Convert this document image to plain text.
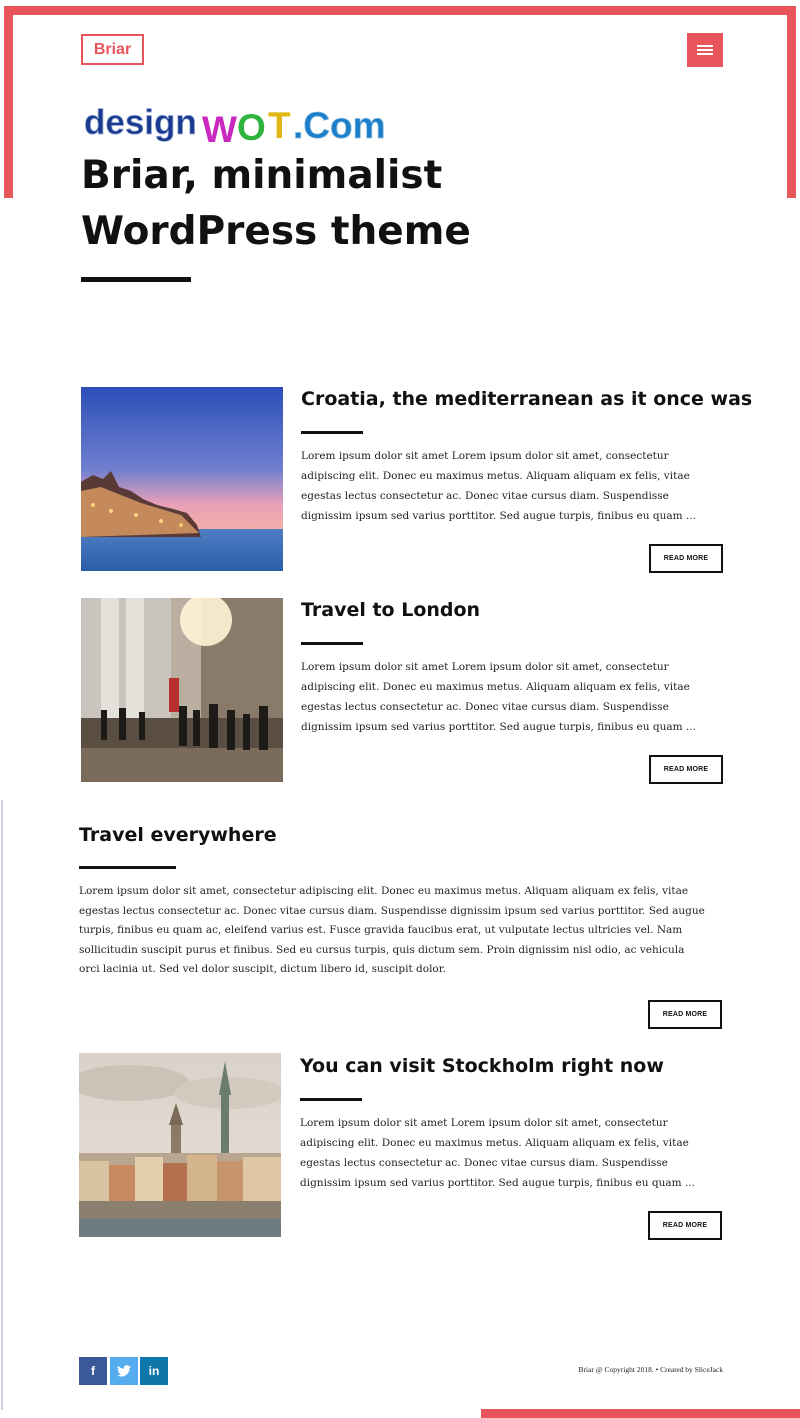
Briar
design W O T .Com
Briar, minimalist
WordPress theme
Croatia, the mediterranean as it once was

Lorem ipsum dolor sit amet Lorem ipsum dolor sit amet, consectetur adipiscing elit. Donec eu maximus metus. Aliquam aliquam ex felis, vitae egestas lectus consectetur ac. Donec vitae cursus diam. Suspendisse dignissim ipsum sed varius porttitor. Sed augue turpis, finibus eu quam ...

READ MORE
Travel to London

Lorem ipsum dolor sit amet Lorem ipsum dolor sit amet, consectetur adipiscing elit. Donec eu maximus metus. Aliquam aliquam ex felis, vitae egestas lectus consectetur ac. Donec vitae cursus diam. Suspendisse dignissim ipsum sed varius porttitor. Sed augue turpis, finibus eu quam ...

READ MORE
Travel everywhere

Lorem ipsum dolor sit amet, consectetur adipiscing elit. Donec eu maximus metus. Aliquam aliquam ex felis, vitae egestas lectus consectetur ac. Donec vitae cursus diam. Suspendisse dignissim ipsum sed varius porttitor. Sed augue turpis, finibus eu quam ac, eleifend varius est. Fusce gravida faucibus erat, ut vulputate lectus ultricies vel. Nam sollicitudin suscipit purus et finibus. Sed eu cursus turpis, quis dictum sem. Proin dignissim nisl odio, ac vehicula orci lacinia ut. Sed vel dolor suscipit, dictum libero id, suscipit dolor.

READ MORE
You can visit Stockholm right now

Lorem ipsum dolor sit amet Lorem ipsum dolor sit amet, consectetur adipiscing elit. Donec eu maximus metus. Aliquam aliquam ex felis, vitae egestas lectus consectetur ac. Donec vitae cursus diam. Suspendisse dignissim ipsum sed varius porttitor. Sed augue turpis, finibus eu quam ...

READ MORE
f	in	Briar @ Copyright 2018. • Created by SliceJack
